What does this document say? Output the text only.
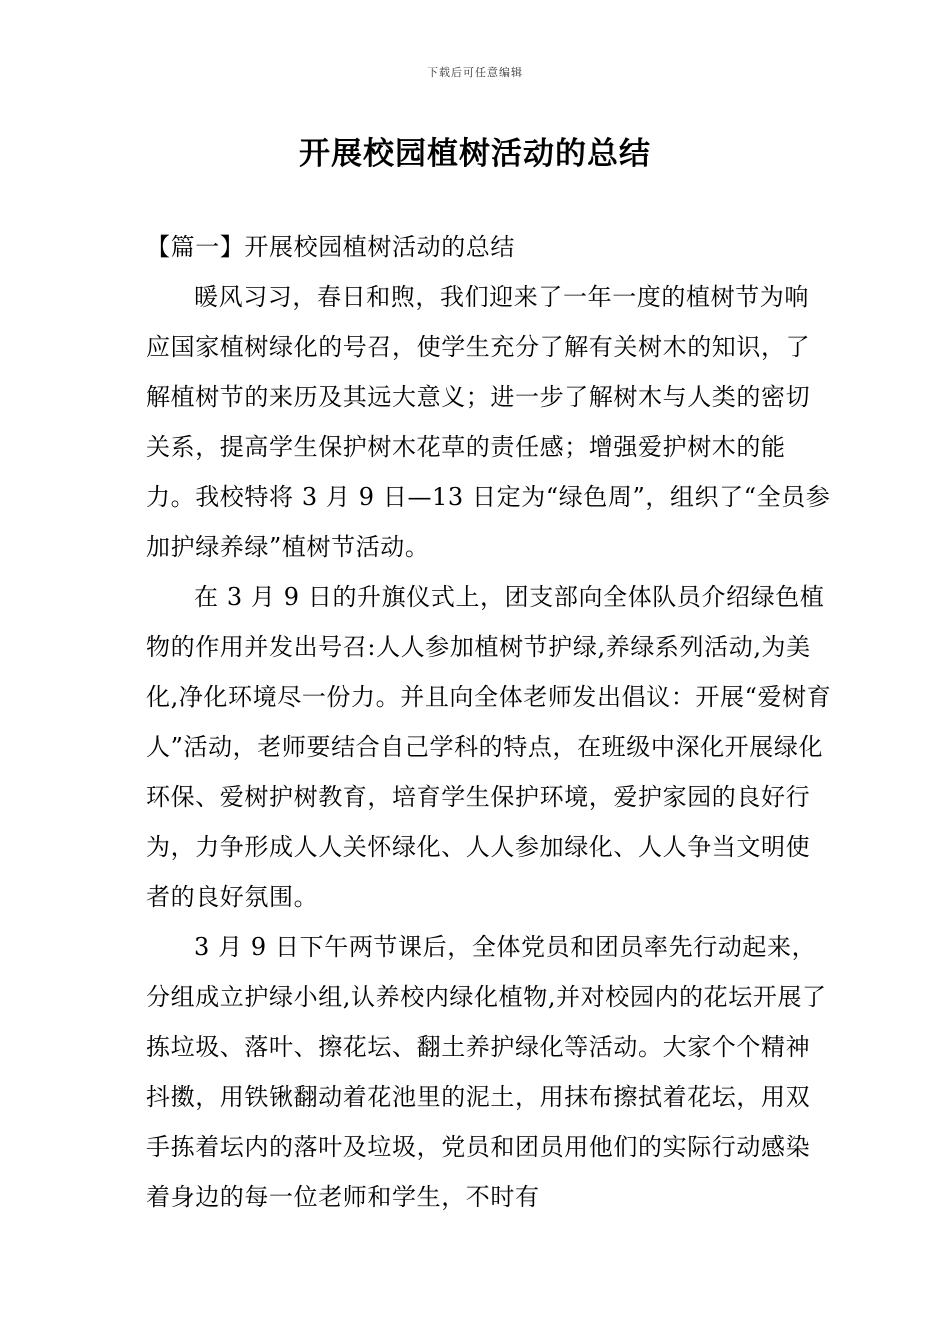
下载后可任意编辑
开展校园植树活动的总结
【篇一】开展校园植树活动的总结

暖风习习，春日和煦，我们迎来了一年一度的植树节为响应国家植树绿化的号召，使学生充分了解有关树木的知识，了解植树节的来历及其远大意义；进一步了解树木与人类的密切关系，提高学生保护树木花草的责任感；增强爱护树木的能力。我校特将 3 月 9 日—13 日定为“绿色周”，组织了“全员参加护绿养绿”植树节活动。

在 3 月 9 日的升旗仪式上，团支部向全体队员介绍绿色植物的作用并发出号召:人人参加植树节护绿,养绿系列活动,为美化,净化环境尽一份力。并且向全体老师发出倡议：开展“爱树育人”活动，老师要结合自己学科的特点，在班级中深化开展绿化环保、爱树护树教育，培育学生保护环境，爱护家园的良好行为，力争形成人人关怀绿化、人人参加绿化、人人争当文明使者的良好氛围。

3 月 9 日下午两节课后，全体党员和团员率先行动起来，分组成立护绿小组,认养校内绿化植物,并对校园内的花坛开展了拣垃圾、落叶、擦花坛、翻土养护绿化等活动。大家个个精神抖擞，用铁锹翻动着花池里的泥土，用抹布擦拭着花坛，用双手拣着坛内的落叶及垃圾，党员和团员用他们的实际行动感染着身边的每一位老师和学生，不时有
